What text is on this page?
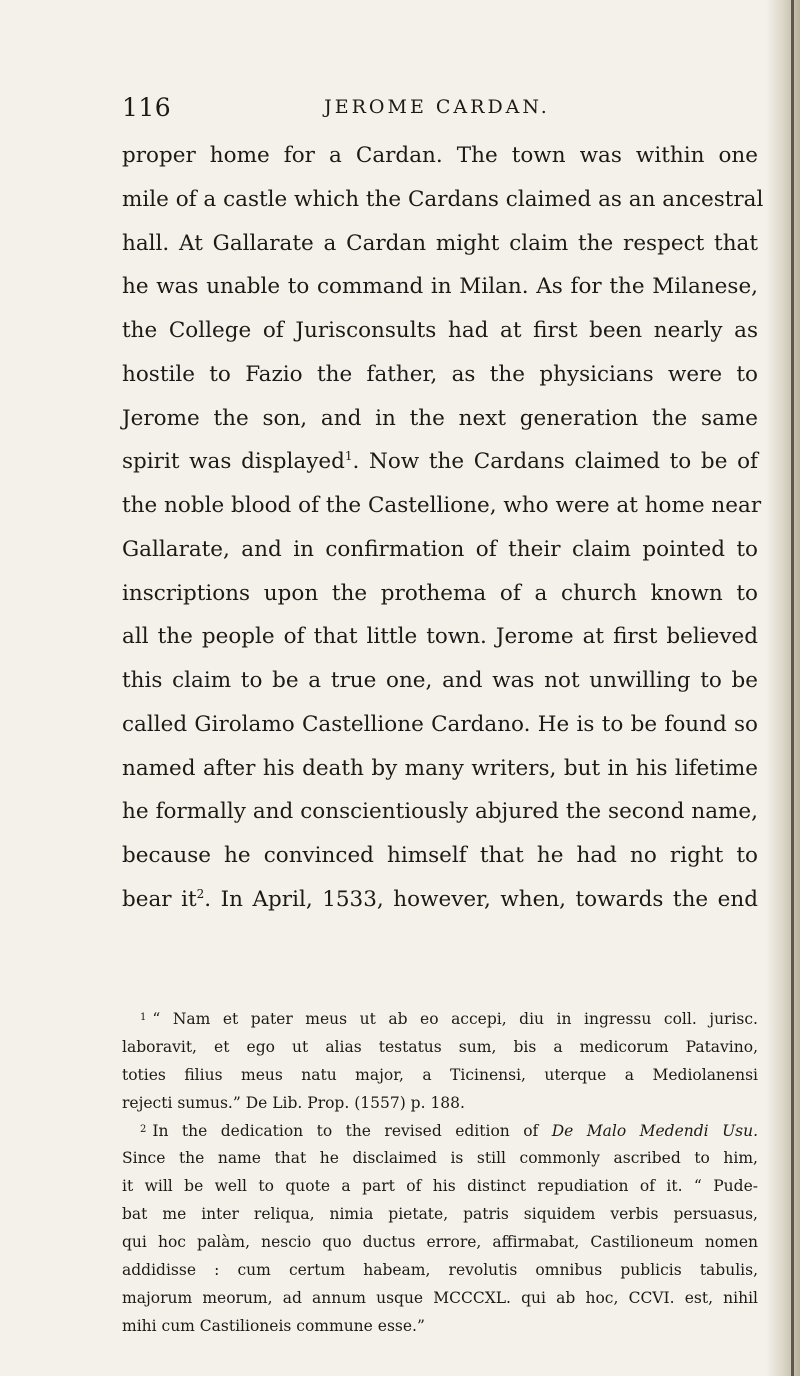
116	JEROME CARDAN.
proper home for a Cardan. The town was within one
mile of a castle which the Cardans claimed as an ancestral
hall. At Gallarate a Cardan might claim the respect that
he was unable to command in Milan. As for the Milanese,
the College of Jurisconsults had at first been nearly as
hostile to Fazio the father, as the physicians were to
Jerome the son, and in the next generation the same
spirit was displayed$^1$. Now the Cardans claimed to be of
the noble blood of the Castellione, who were at home near
Gallarate, and in confirmation of their claim pointed to
inscriptions upon the prothema of a church known to
all the people of that little town. Jerome at first believed
this claim to be a true one, and was not unwilling to be
called Girolamo Castellione Cardano. He is to be found so
named after his death by many writers, but in his lifetime
he formally and conscientiously abjured the second name,
because he convinced himself that he had no right to
bear $it^2$. In April, 1533, however, when, towards the end
$^1$ “ Nam et pater meus ut ab eo accepi, diu in ingressu coll. jurisc.
laboravit, et ego ut alias testatus sum, bis a medicorum Patavino,
toties filius meus natu major, a Ticinensi, uterque a Mediolanensi
rejecti sumus.” De Lib. Prop. (1557) p. 188.
$^2$ In the dedication to the revised edition of De Malo Medendi Usu.
Since the name that he disclaimed is still commonly ascribed to him,
it will be well to quote a part of his distinct repudiation of it. “ Pude-
bat me inter reliqua, nimia pietate, patris siquidem verbis persuasus,
qui hoc palàm, nescio quo ductus errore, affirmabat, Castilioneum nomen
addidisse : cum certum habeam, revolutis omnibus publicis tabulis,
majorum meorum, ad annum usque MCCCXL. qui ab hoc, CCVI. est, nihil
mihi cum Castilioneis commune esse.”
